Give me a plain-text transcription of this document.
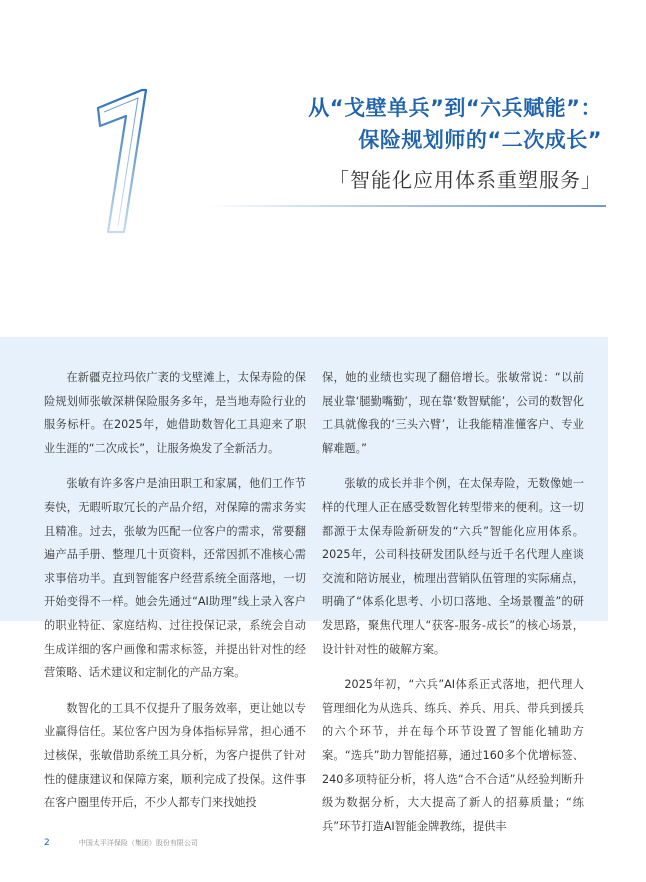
1
从“戈壁单兵”到“六兵赋能”：
保险规划师的“二次成长”
「智能化应用体系重塑服务」

在新疆克拉玛依广袤的戈壁滩上，太保寿险的保险规划师张敏深耕保险服务多年，是当地寿险行业的服务标杆。在2025年，她借助数智化工具迎来了职业生涯的“二次成长”，让服务焕发了全新活力。

张敏有许多客户是油田职工和家属，他们工作节奏快，无暇听取冗长的产品介绍，对保障的需求务实且精准。过去，张敏为匹配一位客户的需求，常要翻遍产品手册、整理几十页资料，还常因抓不准核心需求事倍功半。直到智能客户经营系统全面落地，一切开始变得不一样。她会先通过“AI助理”线上录入客户的职业特征、家庭结构、过往投保记录，系统会自动生成详细的客户画像和需求标签，并提出针对性的经营策略、话术建议和定制化的产品方案。

数智化的工具不仅提升了服务效率，更让她以专业赢得信任。某位客户因为身体指标异常，担心通不过核保，张敏借助系统工具分析，为客户提供了针对性的健康建议和保障方案，顺利完成了投保。这件事在客户圈里传开后，不少人都专门来找她投

保，她的业绩也实现了翻倍增长。张敏常说：“以前展业靠‘腿勤嘴勤’，现在靠‘数智赋能’，公司的数智化工具就像我的‘三头六臂’，让我能精准懂客户、专业解难题。”

张敏的成长并非个例，在太保寿险，无数像她一样的代理人正在感受数智化转型带来的便利。这一切都源于太保寿险新研发的“六兵”智能化应用体系。2025年，公司科技研发团队经与近千名代理人座谈交流和陪访展业，梳理出营销队伍管理的实际痛点，明确了“体系化思考、小切口落地、全场景覆盖”的研发思路，聚焦代理人“获客-服务-成长”的核心场景，设计针对性的破解方案。

2025年初，“六兵”AI体系正式落地，把代理人管理细化为从选兵、练兵、养兵、用兵、带兵到援兵的六个环节，并在每个环节设置了智能化辅助方案。“选兵”助力智能招募，通过160多个优增标签、240多项特征分析，将人选“合不合适”从经验判断升级为数据分析，大大提高了新人的招募质量；“练兵”环节打造AI智能金牌教练，提供丰

2	中国太平洋保险（集团）股份有限公司
